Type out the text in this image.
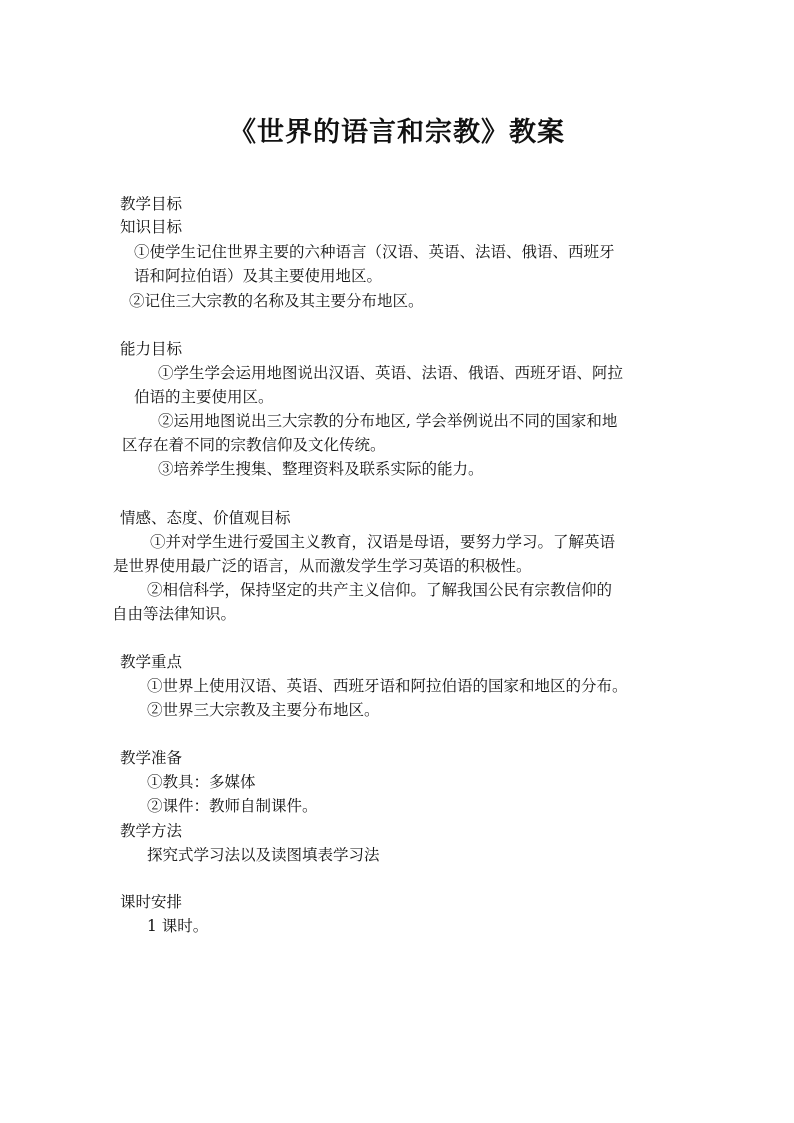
《世界的语言和宗教》教案
教学目标
知识目标
①使学生记住世界主要的六种语言（汉语、英语、法语、俄语、西班牙
语和阿拉伯语）及其主要使用地区。
②记住三大宗教的名称及其主要分布地区。
能力目标
①学生学会运用地图说出汉语、英语、法语、俄语、西班牙语、阿拉
伯语的主要使用区。
②运用地图说出三大宗教的分布地区, 学会举例说出不同的国家和地
区存在着不同的宗教信仰及文化传统。
③培养学生搜集、整理资料及联系实际的能力。
情感、态度、价值观目标
①并对学生进行爱国主义教育，汉语是母语，要努力学习。了解英语
是世界使用最广泛的语言，从而激发学生学习英语的积极性。
②相信科学，保持坚定的共产主义信仰。了解我国公民有宗教信仰的
自由等法律知识。
教学重点
①世界上使用汉语、英语、西班牙语和阿拉伯语的国家和地区的分布。
②世界三大宗教及主要分布地区。
教学准备
①教具：多媒体
②课件：教师自制课件。
教学方法
探究式学习法以及读图填表学习法
课时安排
1 课时。
